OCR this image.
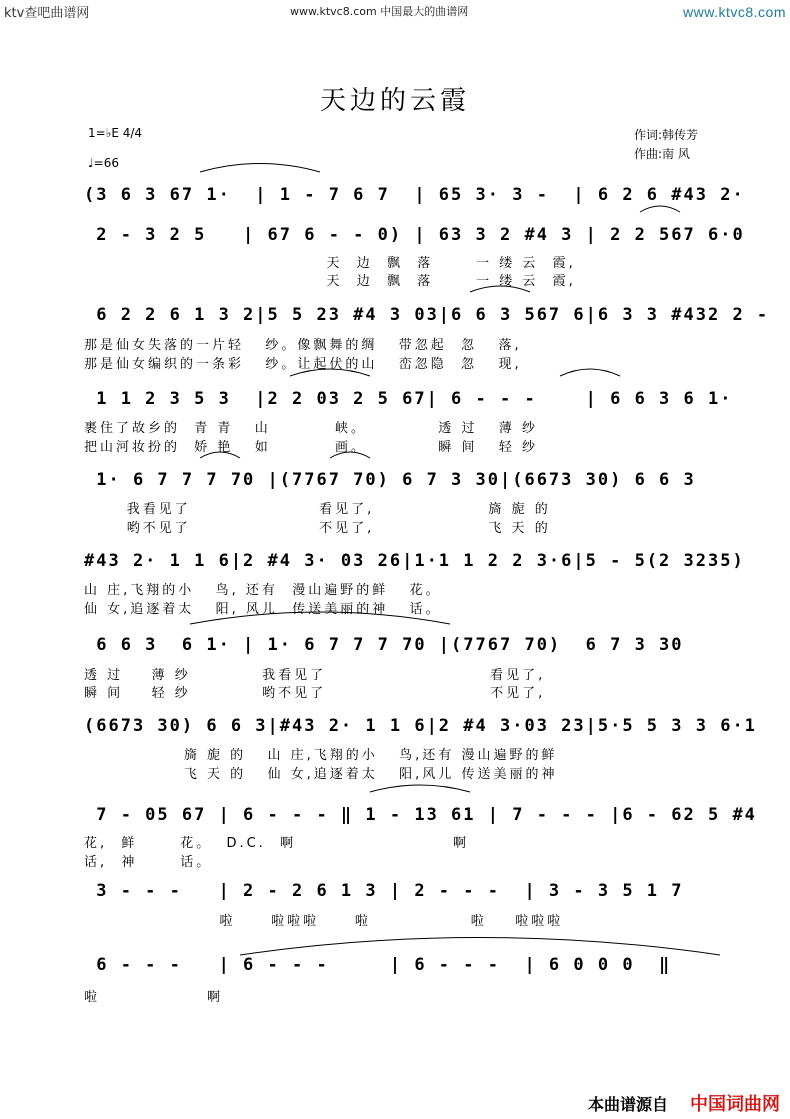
ktv查吧曲谱网	www.ktvc8.com 中国最大的曲谱网	www.ktvc8.com
天边的云霞
1=♭E 4/4
♩=66
作词:韩传芳
作曲:南 风
(3 6 3 67 1·  | 1 - 7 6 7  | 65 3· 3 -  | 6 2 6 #43 2·
2 - 3 2 5   | 67 6 - - 0) | 63 3 2 #4 3 | 2 2 567 6·0
天  边  飘  落      一 缕 云  霞,
天  边  飘  落      一 缕 云  霞,
6 2 2 6 1 3 2|5 5 23 #4 3 03|6 6 3 567 6|6 3 3 #432 2 -
那是仙女失落的一片轻   纱。像飘舞的绸   带忽起  忽   落,
那是仙女编织的一条彩   纱。让起伏的山   峦忽隐  忽   现,
1 1 2 3 5 3  |2 2 03 2 5 67| 6 - - -    | 6 6 3 6 1·
裹住了故乡的  青 青   山         峡。          透 过   薄 纱
把山河妆扮的  娇 艳   如         画。          瞬 间   轻 纱
1· 6 7 7 7 70 |(7767 70) 6 7 3 30|(6673 30) 6 6 3
我看见了                  看见了,                旖 旎 的
哟不见了                  不见了,                飞 天 的
#43 2· 1 1 6|2 #4 3· 03 26|1·1 1 2 2 3·6|5 - 5(2 3235)
山 庄,飞翔的小   鸟, 还有  漫山遍野的鲜   花。
仙 女,追逐着太   阳, 风儿  传送美丽的神   话。
6 6 3  6 1· | 1· 6 7 7 7 70 |(7767 70)  6 7 3 30
透 过    薄 纱          我看见了                       看见了,
瞬 间    轻 纱          哟不见了                       不见了,
(6673 30) 6 6 3|#43 2· 1 1 6|2 #4 3·03 23|5·5 5 3 3 6·1
旖 旎 的   山 庄,飞翔的小   鸟,还有 漫山遍野的鲜
飞 天 的   仙 女,追逐着太   阳,风儿 传送美丽的神
7 - 05 67 | 6 - - - ‖ 1 - 13 61 | 7 - - - |6 - 62 5 #4
花,  鲜      花。  D.C.  啊                      啊
话,  神      话。
3 - - -   | 2 - 2 6 1 3 | 2 - - -  | 3 - 3 5 1 7
啦     啦啦啦     啦              啦    啦啦啦
6 - - -   | 6 - - -     | 6 - - -  | 6 0 0 0  ‖
啦               啊
本曲谱源自 中国词曲网
